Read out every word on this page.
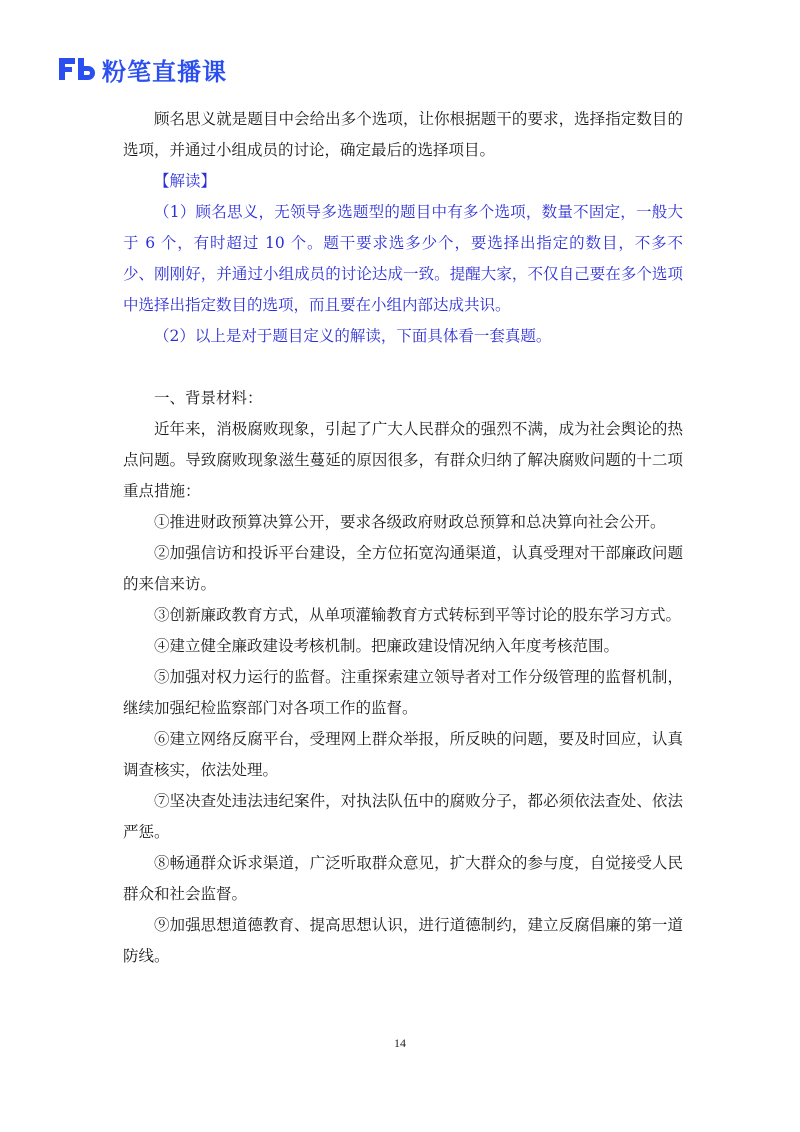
粉笔直播课

顾名思义就是题目中会给出多个选项，让你根据题干的要求，选择指定数目的选项，并通过小组成员的讨论，确定最后的选择项目。

【解读】

（1）顾名思义，无领导多选题型的题目中有多个选项，数量不固定，一般大于 6 个，有时超过 10 个。题干要求选多少个，要选择出指定的数目，不多不少、刚刚好，并通过小组成员的讨论达成一致。提醒大家，不仅自己要在多个选项中选择出指定数目的选项，而且要在小组内部达成共识。

（2）以上是对于题目定义的解读，下面具体看一套真题。

一、背景材料：

近年来，消极腐败现象，引起了广大人民群众的强烈不满，成为社会舆论的热点问题。导致腐败现象滋生蔓延的原因很多，有群众归纳了解决腐败问题的十二项重点措施：

①推进财政预算决算公开，要求各级政府财政总预算和总决算向社会公开。

②加强信访和投诉平台建设，全方位拓宽沟通渠道，认真受理对干部廉政问题的来信来访。

③创新廉政教育方式，从单项灌输教育方式转标到平等讨论的股东学习方式。

④建立健全廉政建设考核机制。把廉政建设情况纳入年度考核范围。

⑤加强对权力运行的监督。注重探索建立领导者对工作分级管理的监督机制，继续加强纪检监察部门对各项工作的监督。

⑥建立网络反腐平台，受理网上群众举报，所反映的问题，要及时回应，认真调查核实，依法处理。

⑦坚决查处违法违纪案件，对执法队伍中的腐败分子，都必须依法查处、依法严惩。

⑧畅通群众诉求渠道，广泛听取群众意见，扩大群众的参与度，自觉接受人民群众和社会监督。

⑨加强思想道德教育、提高思想认识，进行道德制约，建立反腐倡廉的第一道防线。

14
